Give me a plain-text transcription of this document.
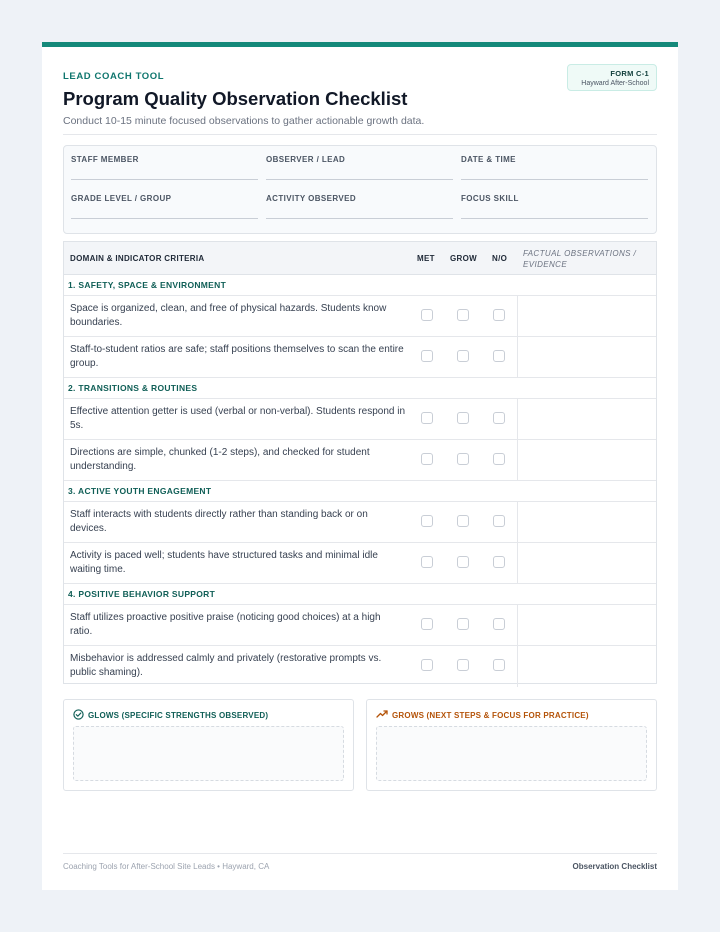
LEAD COACH TOOL
Program Quality Observation Checklist
Conduct 10-15 minute focused observations to gather actionable growth data.
FORM C-1
Hayward After-School
STAFF MEMBER	OBSERVER / LEAD	DATE & TIME
GRADE LEVEL / GROUP	ACTIVITY OBSERVED	FOCUS SKILL
DOMAIN & INDICATOR CRITERIA	MET GROW N/O
FACTUAL OBSERVATIONS / EVIDENCE
1. SAFETY, SPACE & ENVIRONMENT
Space is organized, clean, and free of physical hazards. Students know boundaries.
Staff-to-student ratios are safe; staff positions themselves to scan the entire group.
2. TRANSITIONS & ROUTINES
Effective attention getter is used (verbal or non-verbal). Students respond in 5s.
Directions are simple, chunked (1-2 steps), and checked for student understanding.
3. ACTIVE YOUTH ENGAGEMENT
Staff interacts with students directly rather than standing back or on devices.
Activity is paced well; students have structured tasks and minimal idle waiting time.
4. POSITIVE BEHAVIOR SUPPORT
Staff utilizes proactive positive praise (noticing good choices) at a high ratio.
Misbehavior is addressed calmly and privately (restorative prompts vs. public shaming).
GLOWS (SPECIFIC STRENGTHS OBSERVED)	GROWS (NEXT STEPS & FOCUS FOR PRACTICE)
Coaching Tools for After-School Site Leads • Hayward, CA	Observation Checklist
